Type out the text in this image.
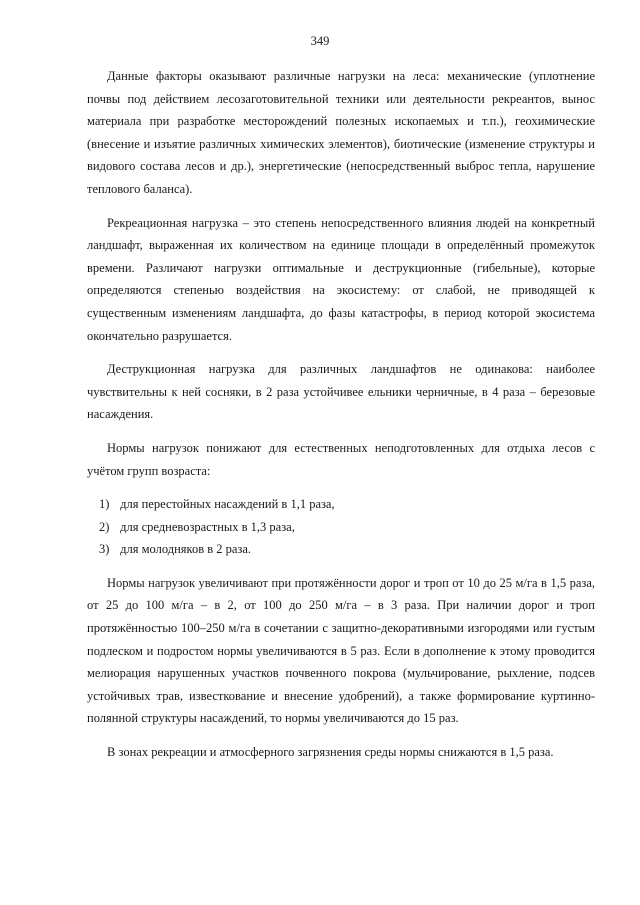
349

Данные факторы оказывают различные нагрузки на леса: механические (уплотнение почвы под действием лесозаготовительной техники или деятельности рекреантов, вынос материала при разработке месторождений полезных ископаемых и т.п.), геохимические (внесение и изъятие различных химических элементов), биотические (изменение структуры и видового состава лесов и др.), энергетические (непосредственный выброс тепла, нарушение теплового баланса).

Рекреационная нагрузка – это степень непосредственного влияния людей на конкретный ландшафт, выраженная их количеством на единице площади в определённый промежуток времени. Различают нагрузки оптимальные и деструкционные (гибельные), которые определяются степенью воздействия на экосистему: от слабой, не приводящей к существенным изменениям ландшафта, до фазы катастрофы, в период которой экосистема окончательно разрушается.

Деструкционная нагрузка для различных ландшафтов не одинакова: наиболее чувствительны к ней сосняки, в 2 раза устойчивее ельники черничные, в 4 раза – березовые насаждения.

Нормы нагрузок понижают для естественных неподготовленных для отдыха лесов с учётом групп возраста:

1) для перестойных насаждений в 1,1 раза,
2) для средневозрастных в 1,3 раза,
3) для молодняков в 2 раза.

Нормы нагрузок увеличивают при протяжённости дорог и троп от 10 до 25 м/га в 1,5 раза, от 25 до 100 м/га – в 2, от 100 до 250 м/га – в 3 раза. При наличии дорог и троп протяжённостью 100–250 м/га в сочетании с защитно-декоративными изгородями или густым подлеском и подростом нормы увеличиваются в 5 раз. Если в дополнение к этому проводится мелиорация нарушенных участков почвенного покрова (мульчирование, рыхление, подсев устойчивых трав, известкование и внесение удобрений), а также формирование куртинно-полянной структуры насаждений, то нормы увеличиваются до 15 раз.

В зонах рекреации и атмосферного загрязнения среды нормы снижаются в 1,5 раза.
